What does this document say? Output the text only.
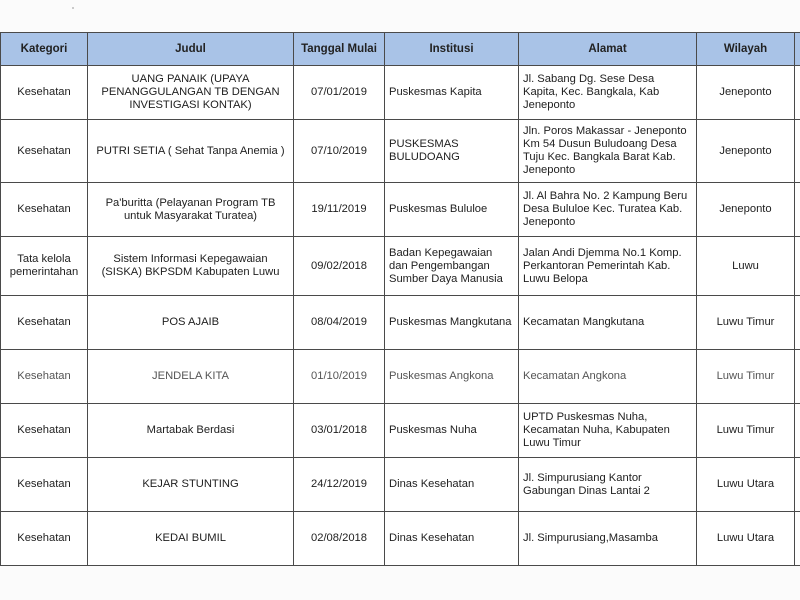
Kategori	Judul	Tanggal Mulai	Institusi	Alamat	Wilayah	
Kesehatan	UANG PANAIK (UPAYA PENANGGULANGAN TB DENGAN INVESTIGASI KONTAK)	07/01/2019	Puskesmas Kapita	Jl. Sabang Dg. Sese Desa Kapita, Kec. Bangkala, Kab Jeneponto	Jeneponto	
Kesehatan	PUTRI SETIA ( Sehat Tanpa Anemia )	07/10/2019	PUSKESMAS BULUDOANG	Jln. Poros Makassar - Jeneponto Km 54 Dusun Buludoang Desa Tuju Kec. Bangkala Barat Kab. Jeneponto	Jeneponto	
Kesehatan	Pa'buritta (Pelayanan Program TB untuk Masyarakat Turatea)	19/11/2019	Puskesmas Bululoe	Jl. Al Bahra No. 2 Kampung Beru Desa Bululoe Kec. Turatea Kab. Jeneponto	Jeneponto	
Tata kelola pemerintahan	Sistem Informasi Kepegawaian (SISKA) BKPSDM Kabupaten Luwu	09/02/2018	Badan Kepegawaian dan Pengembangan Sumber Daya Manusia	Jalan Andi Djemma No.1 Komp. Perkantoran Pemerintah Kab. Luwu Belopa	Luwu	
Kesehatan	POS AJAIB	08/04/2019	Puskesmas Mangkutana	Kecamatan Mangkutana	Luwu Timur	
Kesehatan	JENDELA KITA	01/10/2019	Puskesmas Angkona	Kecamatan Angkona	Luwu Timur	
Kesehatan	Martabak Berdasi	03/01/2018	Puskesmas Nuha	UPTD Puskesmas Nuha, Kecamatan Nuha, Kabupaten Luwu Timur	Luwu Timur	
Kesehatan	KEJAR STUNTING	24/12/2019	Dinas Kesehatan	Jl. Simpurusiang Kantor Gabungan Dinas Lantai 2	Luwu Utara	
Kesehatan	KEDAI BUMIL	02/08/2018	Dinas Kesehatan	Jl. Simpurusiang,Masamba	Luwu Utara	
